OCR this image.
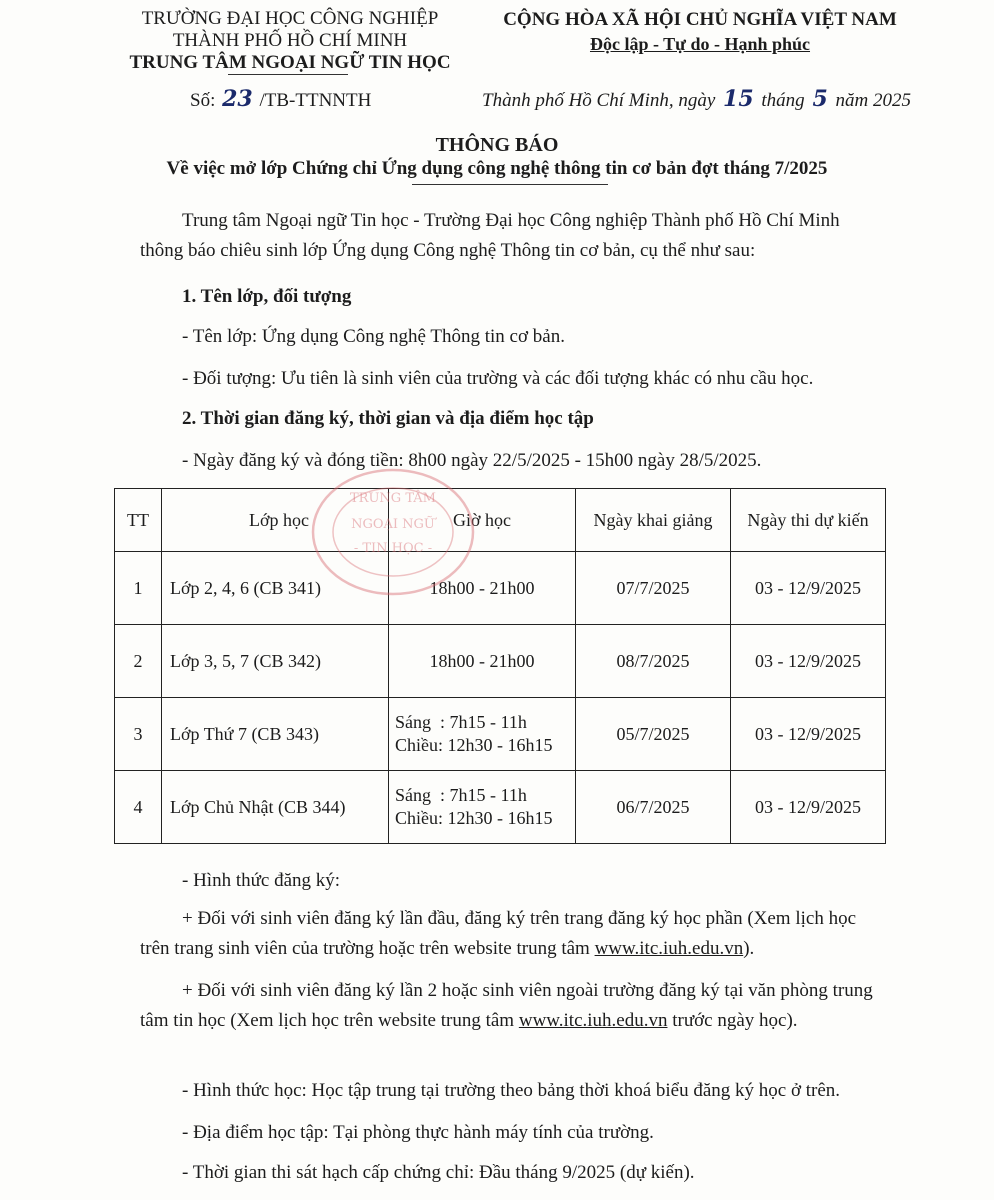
TRƯỜNG ĐẠI HỌC CÔNG NGHIỆP
THÀNH PHỐ HỒ CHÍ MINH
TRUNG TÂM NGOẠI NGỮ TIN HỌC
CỘNG HÒA XÃ HỘI CHỦ NGHĨA VIỆT NAM
Độc lập - Tự do - Hạnh phúc
Số: 23 /TB-TTNNTH	Thành phố Hồ Chí Minh, ngày 15 tháng 5 năm 2025
THÔNG BÁO
Về việc mở lớp Chứng chỉ Ứng dụng công nghệ thông tin cơ bản đợt tháng 7/2025
Trung tâm Ngoại ngữ Tin học - Trường Đại học Công nghiệp Thành phố Hồ Chí Minh thông báo chiêu sinh lớp Ứng dụng Công nghệ Thông tin cơ bản, cụ thể như sau:
1. Tên lớp, đối tượng
- Tên lớp: Ứng dụng Công nghệ Thông tin cơ bản.
- Đối tượng: Ưu tiên là sinh viên của trường và các đối tượng khác có nhu cầu học.
2. Thời gian đăng ký, thời gian và địa điểm học tập
- Ngày đăng ký và đóng tiền: 8h00 ngày 22/5/2025 - 15h00 ngày 28/5/2025.
TT	Lớp học	Giờ học	Ngày khai giảng	Ngày thi dự kiến
1	Lớp 2, 4, 6 (CB 341)	18h00 - 21h00	07/7/2025	03 - 12/9/2025
2	Lớp 3, 5, 7 (CB 342)	18h00 - 21h00	08/7/2025	03 - 12/9/2025
3	Lớp Thứ 7 (CB 343)	Sáng  : 7h15 - 11h
Chiều: 12h30 - 16h15	05/7/2025	03 - 12/9/2025
4	Lớp Chủ Nhật (CB 344)	Sáng  : 7h15 - 11h
Chiều: 12h30 - 16h15	06/7/2025	03 - 12/9/2025
TRUNG TÂM
NGOẠI NGỮ
- TIN HỌC -
- Hình thức đăng ký:
+ Đối với sinh viên đăng ký lần đầu, đăng ký trên trang đăng ký học phần (Xem lịch học trên trang sinh viên của trường hoặc trên website trung tâm www.itc.iuh.edu.vn).
+ Đối với sinh viên đăng ký lần 2 hoặc sinh viên ngoài trường đăng ký tại văn phòng trung tâm tin học (Xem lịch học trên website trung tâm www.itc.iuh.edu.vn trước ngày học).
- Hình thức học: Học tập trung tại trường theo bảng thời khoá biểu đăng ký học ở trên.
- Địa điểm học tập: Tại phòng thực hành máy tính của trường.
- Thời gian thi sát hạch cấp chứng chỉ: Đầu tháng 9/2025 (dự kiến).
